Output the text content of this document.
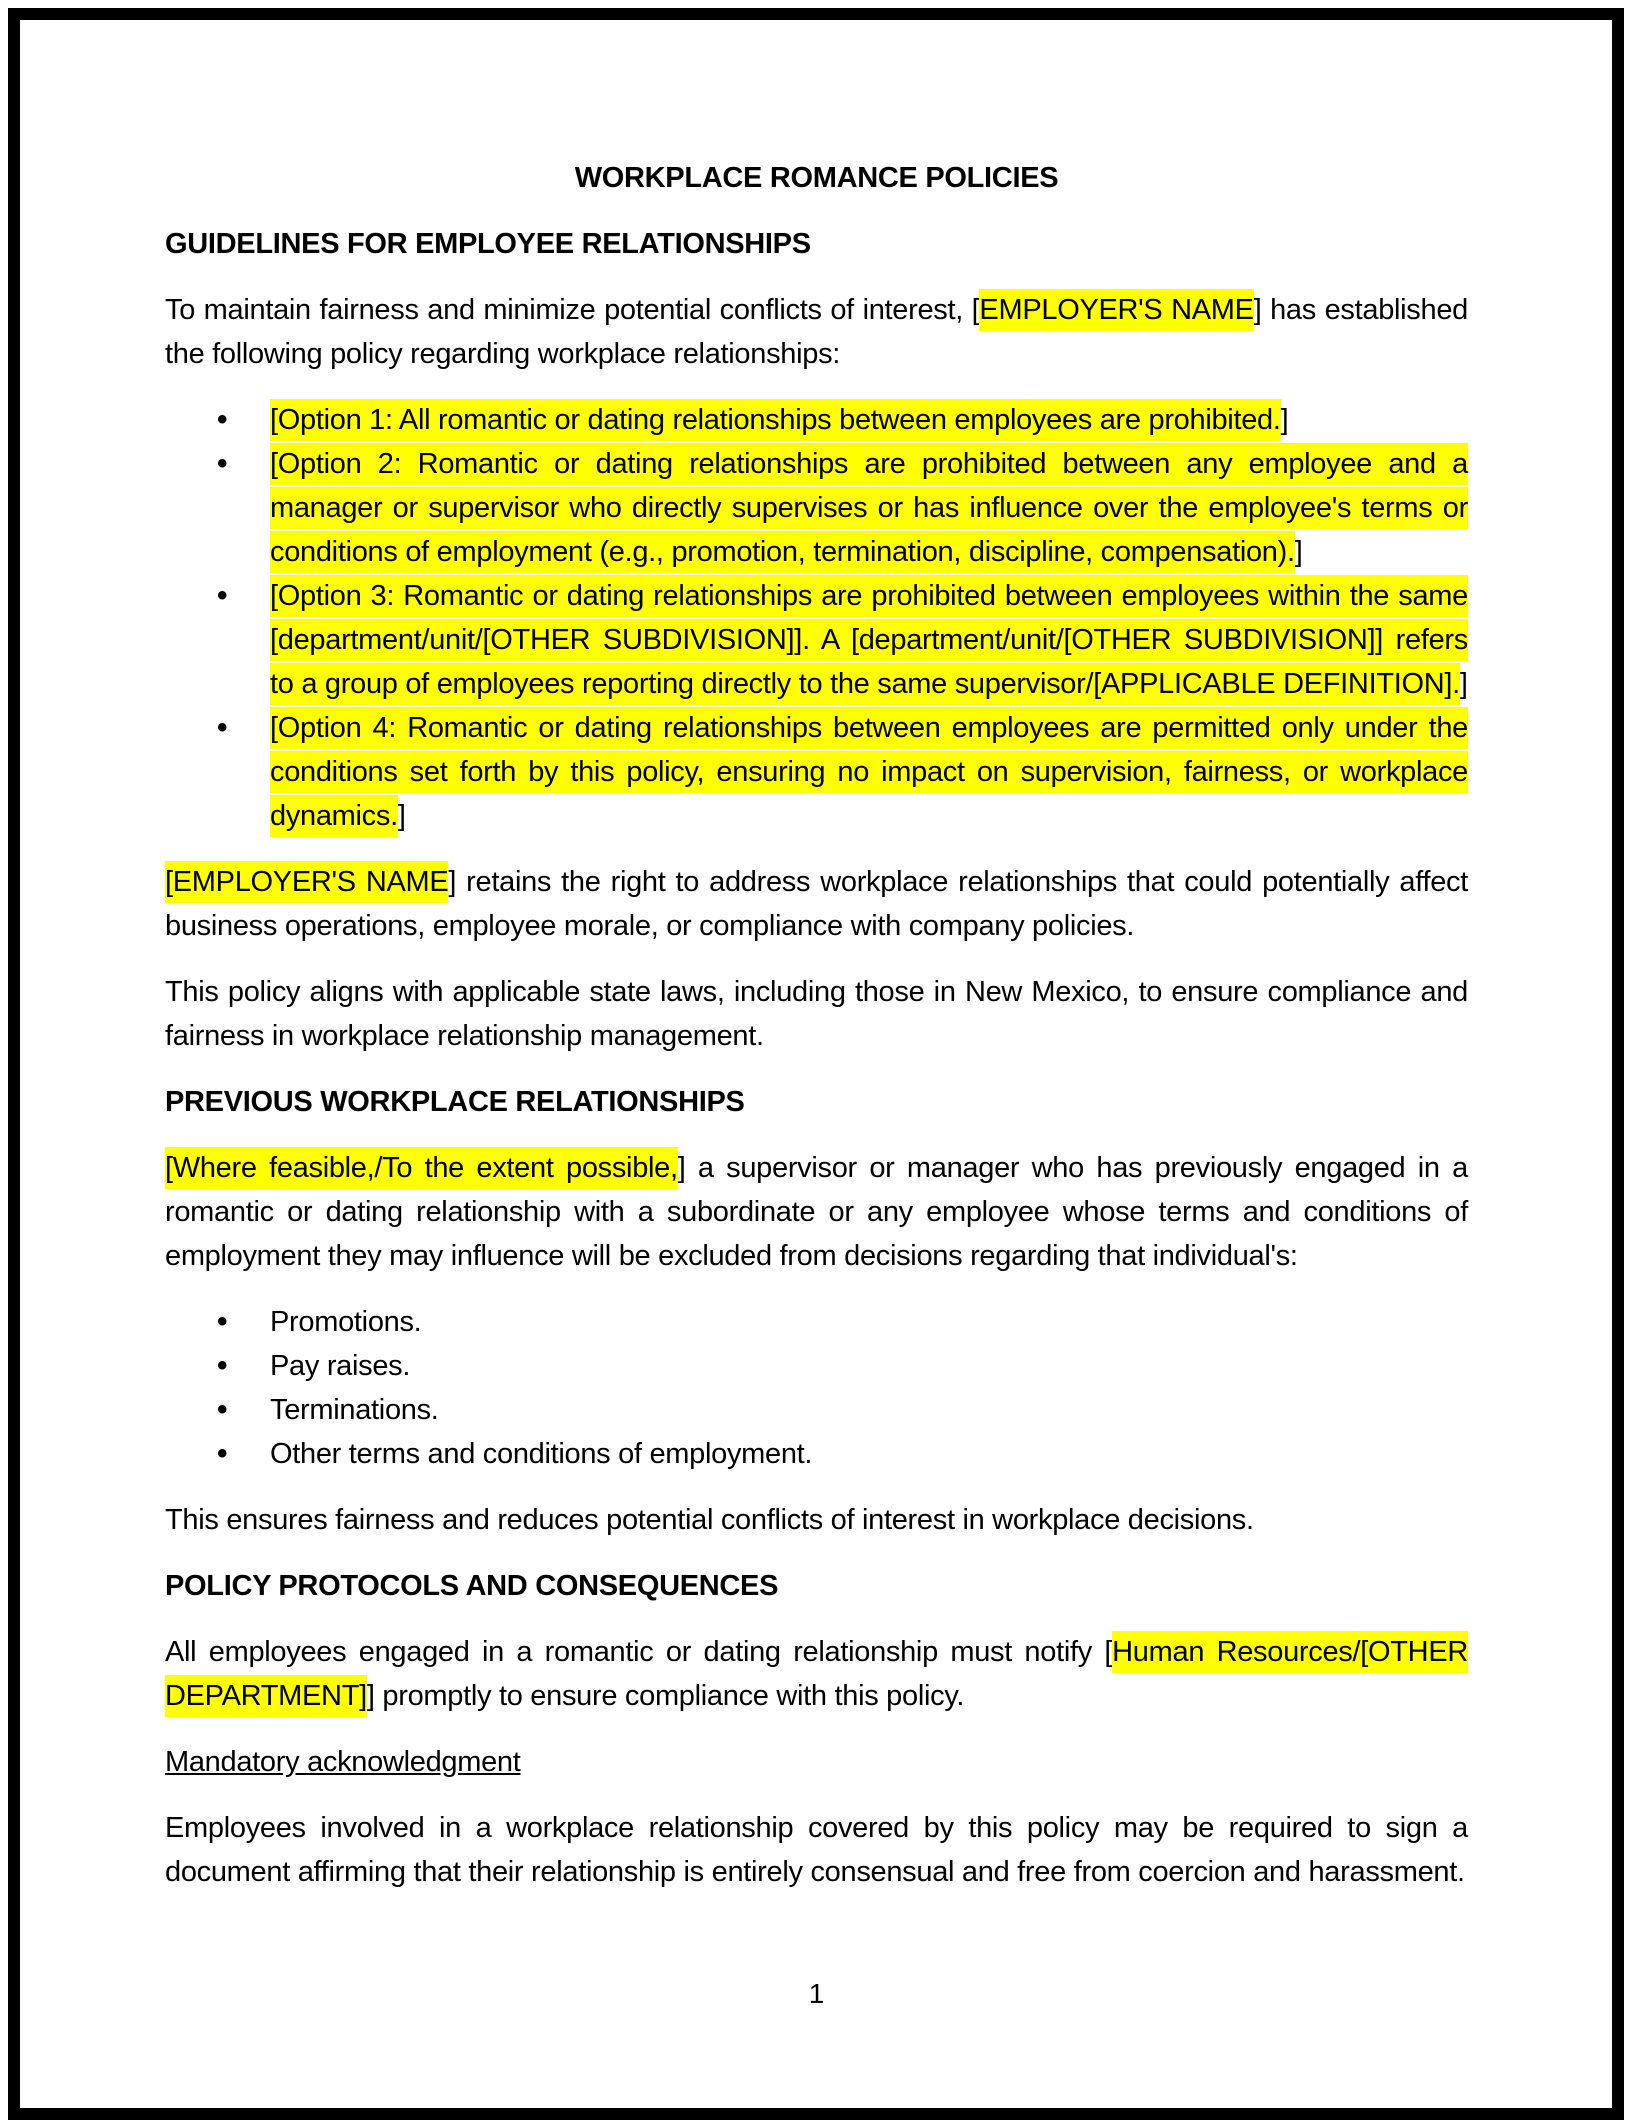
WORKPLACE ROMANCE POLICIES
GUIDELINES FOR EMPLOYEE RELATIONSHIPS

To maintain fairness and minimize potential conflicts of interest, [EMPLOYER'S NAME] has established the following policy regarding workplace relationships:

• [Option 1: All romantic or dating relationships between employees are prohibited.]
• [Option 2: Romantic or dating relationships are prohibited between any employee and a manager or supervisor who directly supervises or has influence over the employee's terms or conditions of employment (e.g., promotion, termination, discipline, compensation).]
• [Option 3: Romantic or dating relationships are prohibited between employees within the same [department/unit/[OTHER SUBDIVISION]]. A [department/unit/[OTHER SUBDIVISION]] refers to a group of employees reporting directly to the same supervisor/[APPLICABLE DEFINITION].]
• [Option 4: Romantic or dating relationships between employees are permitted only under the conditions set forth by this policy, ensuring no impact on supervision, fairness, or workplace dynamics.]

[EMPLOYER'S NAME] retains the right to address workplace relationships that could potentially affect business operations, employee morale, or compliance with company policies.

This policy aligns with applicable state laws, including those in New Mexico, to ensure compliance and fairness in workplace relationship management.

PREVIOUS WORKPLACE RELATIONSHIPS

[Where feasible,/To the extent possible,] a supervisor or manager who has previously engaged in a romantic or dating relationship with a subordinate or any employee whose terms and conditions of employment they may influence will be excluded from decisions regarding that individual's:

• Promotions.
• Pay raises.
• Terminations.
• Other terms and conditions of employment.

This ensures fairness and reduces potential conflicts of interest in workplace decisions.

POLICY PROTOCOLS AND CONSEQUENCES

All employees engaged in a romantic or dating relationship must notify [Human Resources/[OTHER DEPARTMENT]] promptly to ensure compliance with this policy.

Mandatory acknowledgment

Employees involved in a workplace relationship covered by this policy may be required to sign a document affirming that their relationship is entirely consensual and free from coercion and harassment.

1
